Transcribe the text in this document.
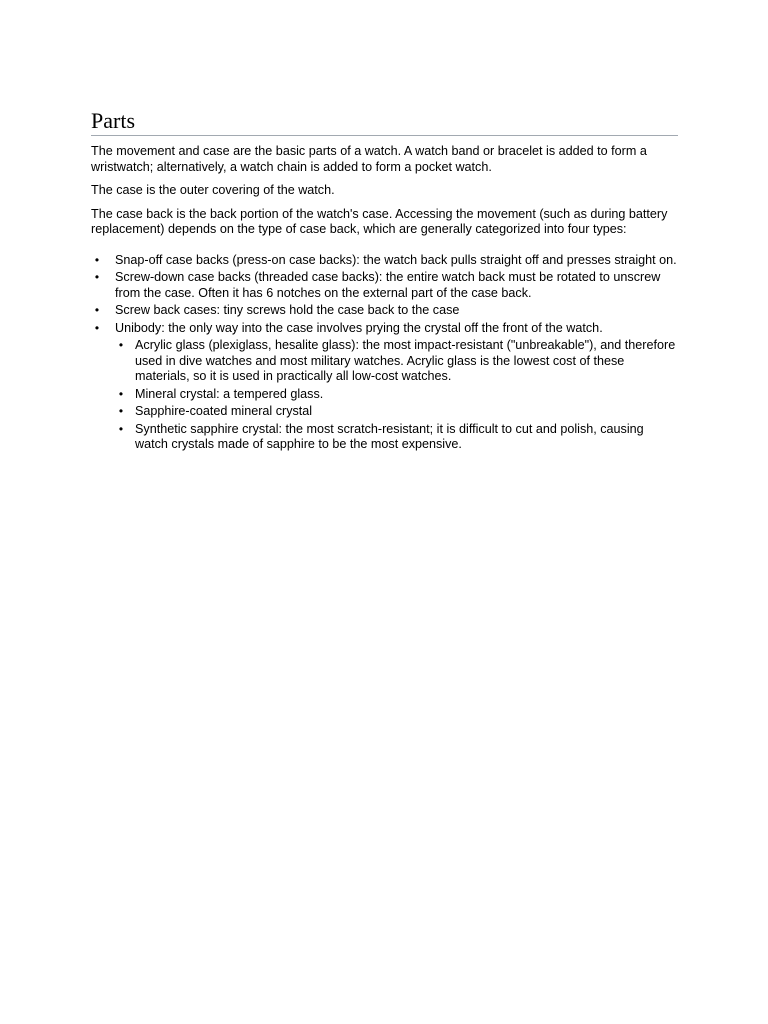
Parts

The movement and case are the basic parts of a watch. A watch band or bracelet is added to form a wristwatch; alternatively, a watch chain is added to form a pocket watch.

The case is the outer covering of the watch.

The case back is the back portion of the watch's case. Accessing the movement (such as during battery replacement) depends on the type of case back, which are generally categorized into four types:

•	Snap-off case backs (press-on case backs): the watch back pulls straight off and presses straight on.
•	Screw-down case backs (threaded case backs): the entire watch back must be rotated to unscrew from the case. Often it has 6 notches on the external part of the case back.
•	Screw back cases: tiny screws hold the case back to the case
•	Unibody: the only way into the case involves prying the crystal off the front of the watch.
• Acrylic glass (plexiglass, hesalite glass): the most impact-resistant ("unbreakable"), and therefore used in dive watches and most military watches. Acrylic glass is the lowest cost of these materials, so it is used in practically all low-cost watches.
• Mineral crystal: a tempered glass.
• Sapphire-coated mineral crystal
• Synthetic sapphire crystal: the most scratch-resistant; it is difficult to cut and polish, causing watch crystals made of sapphire to be the most expensive.
